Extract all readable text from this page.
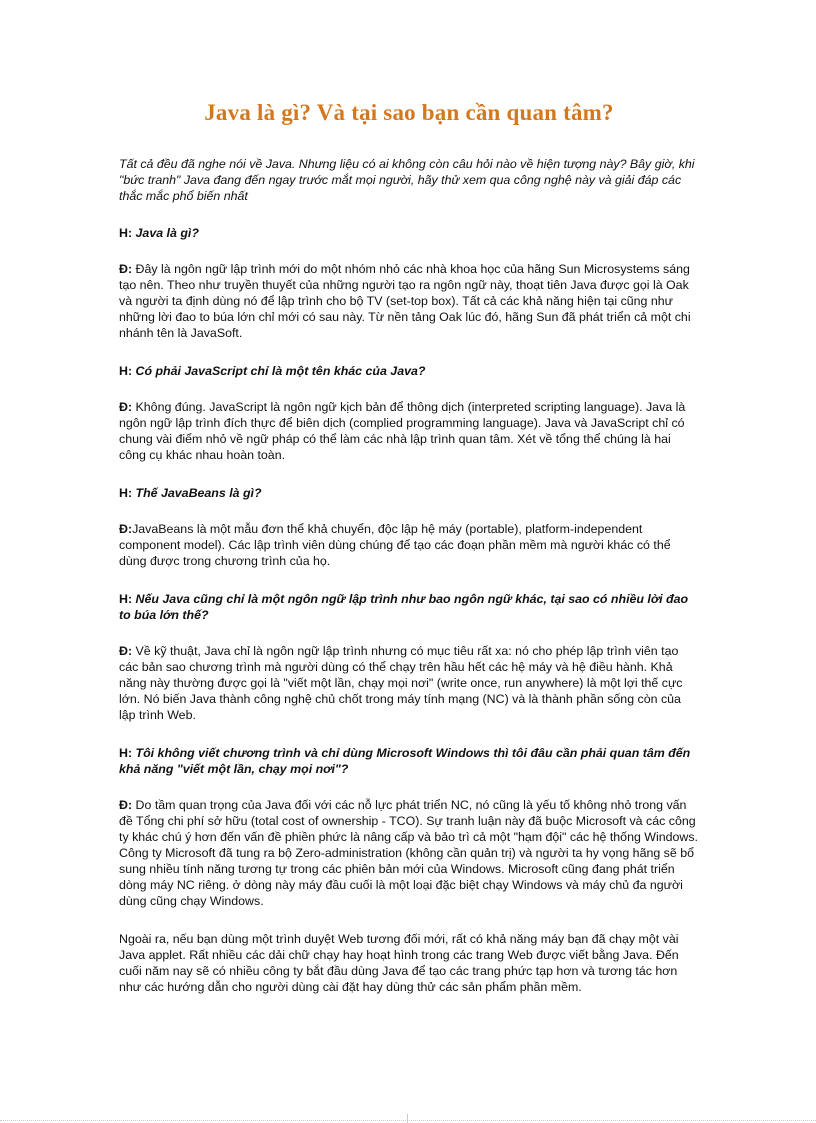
Java là gì? Và tại sao bạn cần quan tâm?

Tất cả đều đã nghe nói về Java. Nhưng liệu có ai không còn câu hỏi nào về hiện tượng này? Bây giờ, khi "bức tranh" Java đang đến ngay trước mắt mọi người, hãy thử xem qua công nghệ này và giải đáp các thắc mắc phổ biến nhất

H: Java là gì?

Đ: Đây là ngôn ngữ lập trình mới do một nhóm nhỏ các nhà khoa học của hãng Sun Microsystems sáng tạo nên. Theo như truyền thuyết của những người tạo ra ngôn ngữ này, thoạt tiên Java được gọi là Oak và người ta định dùng nó để lập trình cho bộ TV (set-top box). Tất cả các khả năng hiện tại cũng như những lời đao to búa lớn chỉ mới có sau này. Từ nền tảng Oak lúc đó, hãng Sun đã phát triển cả một chi nhánh tên là JavaSoft.

H: Có phải JavaScript chỉ là một tên khác của Java?

Đ: Không đúng. JavaScript là ngôn ngữ kịch bản để thông dịch (interpreted scripting language). Java là ngôn ngữ lập trình đích thực để biên dịch (complied programming language). Java và JavaScript chỉ có chung vài điểm nhỏ về ngữ pháp có thể làm các nhà lập trình quan tâm. Xét về tổng thể chúng là hai công cụ khác nhau hoàn toàn.

H: Thế JavaBeans là gì?

Đ:JavaBeans là một mẫu đơn thể khả chuyển, độc lập hệ máy (portable), platform-independent component model). Các lập trình viên dùng chúng để tạo các đoạn phần mềm mà người khác có thể dùng được trong chương trình của họ.

H: Nếu Java cũng chỉ là một ngôn ngữ lập trình như bao ngôn ngữ khác, tại sao có nhiều lời đao to búa lớn thế?

Đ: Về kỹ thuật, Java chỉ là ngôn ngữ lập trình nhưng có mục tiêu rất xa: nó cho phép lập trình viên tạo các bản sao chương trình mà người dùng có thể chạy trên hầu hết các hệ máy và hệ điều hành. Khả năng này thường được gọi là "viết một lần, chạy mọi nơi" (write once, run anywhere) là một lợi thế cực lớn. Nó biến Java thành công nghệ chủ chốt trong máy tính mạng (NC) và là thành phần sống còn của lập trình Web.

H: Tôi không viết chương trình và chỉ dùng Microsoft Windows thì tôi đâu cần phải quan tâm đến khả năng "viết một lần, chạy mọi nơi"?

Đ: Do tầm quan trọng của Java đối với các nỗ lực phát triển NC, nó cũng là yếu tố không nhỏ trong vấn đề Tổng chi phí sở hữu (total cost of ownership - TCO). Sự tranh luận này đã buộc Microsoft và các công ty khác chú ý hơn đến vấn đề phiền phức là nâng cấp và bảo trì cả một "hạm đội" các hệ thống Windows. Công ty Microsoft đã tung ra bộ Zero-administration (không cần quản trị) và người ta hy vọng hãng sẽ bổ sung nhiều tính năng tương tự trong các phiên bản mới của Windows. Microsoft cũng đang phát triển dòng máy NC riêng. ở dòng này máy đầu cuối là một loại đặc biệt chạy Windows và máy chủ đa người dùng cũng chạy Windows.

Ngoài ra, nếu bạn dùng một trình duyệt Web tương đối mới, rất có khả năng máy bạn đã chạy một vài Java applet. Rất nhiều các dải chữ chạy hay hoạt hình trong các trang Web được viết bằng Java. Đến cuối năm nay sẽ có nhiều công ty bắt đầu dùng Java để tạo các trang phức tạp hơn và tương tác hơn như các hướng dẫn cho người dùng cài đặt hay dùng thử các sản phẩm phần mềm.
